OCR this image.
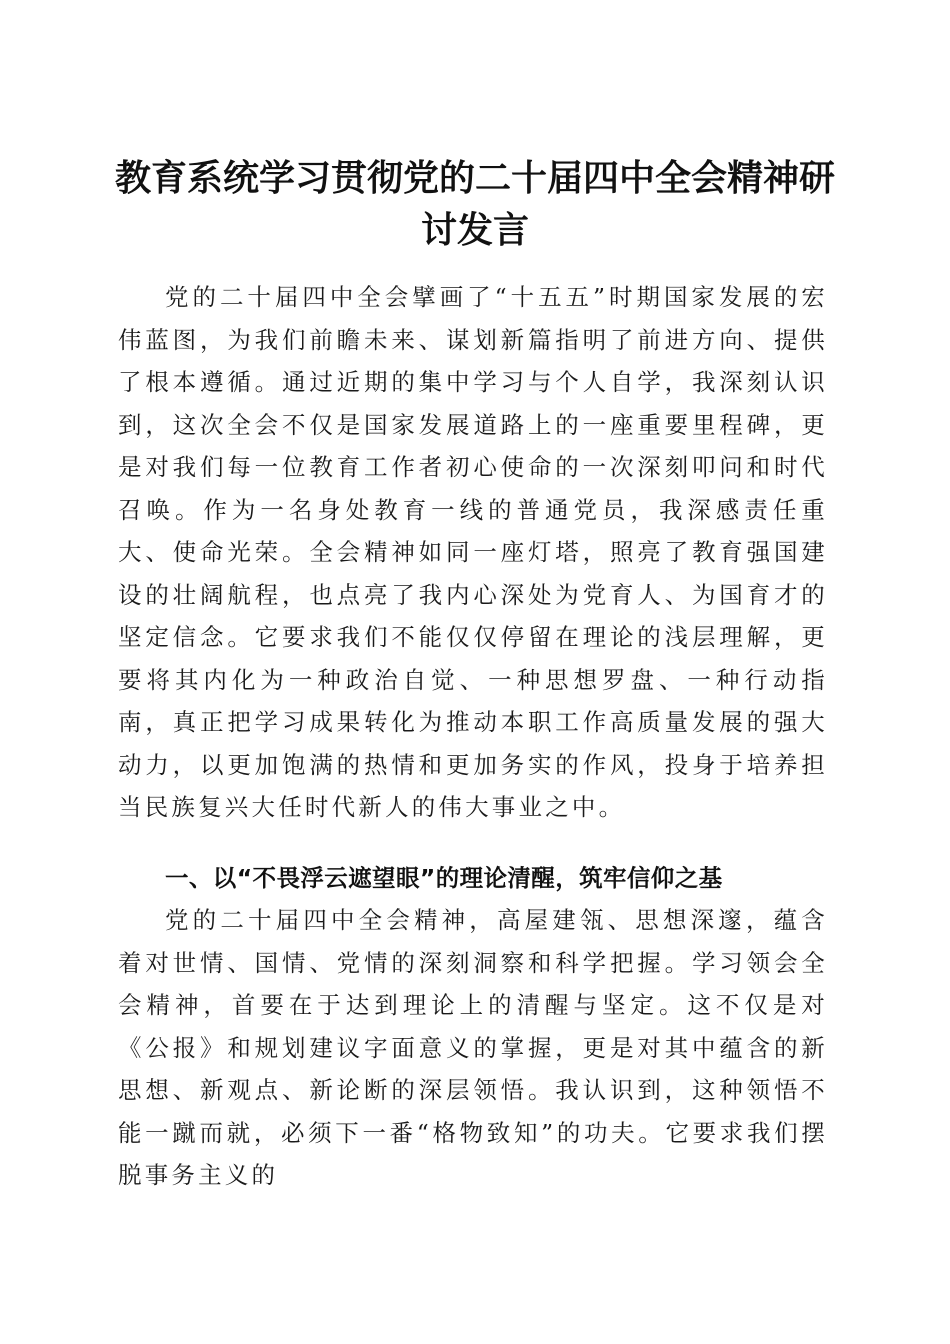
教育系统学习贯彻党的二十届四中全会精神研讨发言

党的二十届四中全会擘画了“十五五”时期国家发展的宏伟蓝图，为我们前瞻未来、谋划新篇指明了前进方向、提供了根本遵循。通过近期的集中学习与个人自学，我深刻认识到，这次全会不仅是国家发展道路上的一座重要里程碑，更是对我们每一位教育工作者初心使命的一次深刻叩问和时代召唤。作为一名身处教育一线的普通党员，我深感责任重大、使命光荣。全会精神如同一座灯塔，照亮了教育强国建设的壮阔航程，也点亮了我内心深处为党育人、为国育才的坚定信念。它要求我们不能仅仅停留在理论的浅层理解，更要将其内化为一种政治自觉、一种思想罗盘、一种行动指南，真正把学习成果转化为推动本职工作高质量发展的强大动力，以更加饱满的热情和更加务实的作风，投身于培养担当民族复兴大任时代新人的伟大事业之中。

一、以“不畏浮云遮望眼”的理论清醒，筑牢信仰之基

党的二十届四中全会精神，高屋建瓴、思想深邃，蕴含着对世情、国情、党情的深刻洞察和科学把握。学习领会全会精神，首要在于达到理论上的清醒与坚定。这不仅是对《公报》和规划建议字面意义的掌握，更是对其中蕴含的新思想、新观点、新论断的深层领悟。我认识到，这种领悟不能一蹴而就，必须下一番“格物致知”的功夫。它要求我们摆脱事务主义的
